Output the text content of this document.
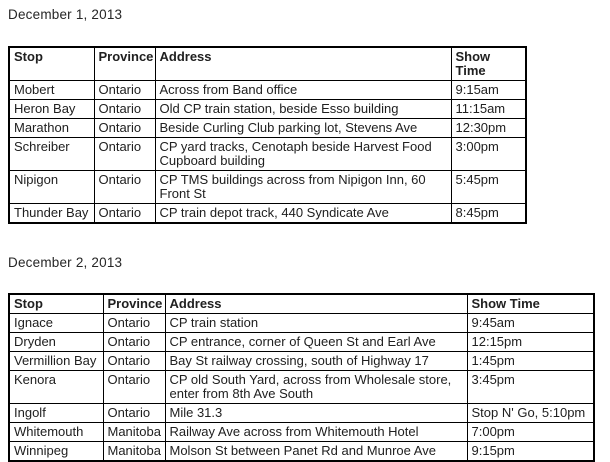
December 1, 2013
Stop	Province	Address	Show Time
Mobert	Ontario	Across from Band office	9:15am
Heron Bay	Ontario	Old CP train station, beside Esso building	11:15am
Marathon	Ontario	Beside Curling Club parking lot, Stevens Ave	12:30pm
Schreiber	Ontario	CP yard tracks, Cenotaph beside Harvest Food Cupboard building	3:00pm
Nipigon	Ontario	CP TMS buildings across from Nipigon Inn, 60 Front St	5:45pm
Thunder Bay	Ontario	CP train depot track, 440 Syndicate Ave	8:45pm
December 2, 2013
Stop	Province	Address	Show Time
Ignace	Ontario	CP train station	9:45am
Dryden	Ontario	CP entrance, corner of Queen St and Earl Ave	12:15pm
Vermillion Bay	Ontario	Bay St railway crossing, south of Highway 17	1:45pm
Kenora	Ontario	CP old South Yard, across from Wholesale store, enter from 8th Ave South	3:45pm
Ingolf	Ontario	Mile 31.3	Stop N' Go, 5:10pm
Whitemouth	Manitoba	Railway Ave across from Whitemouth Hotel	7:00pm
Winnipeg	Manitoba	Molson St between Panet Rd and Munroe Ave	9:15pm
